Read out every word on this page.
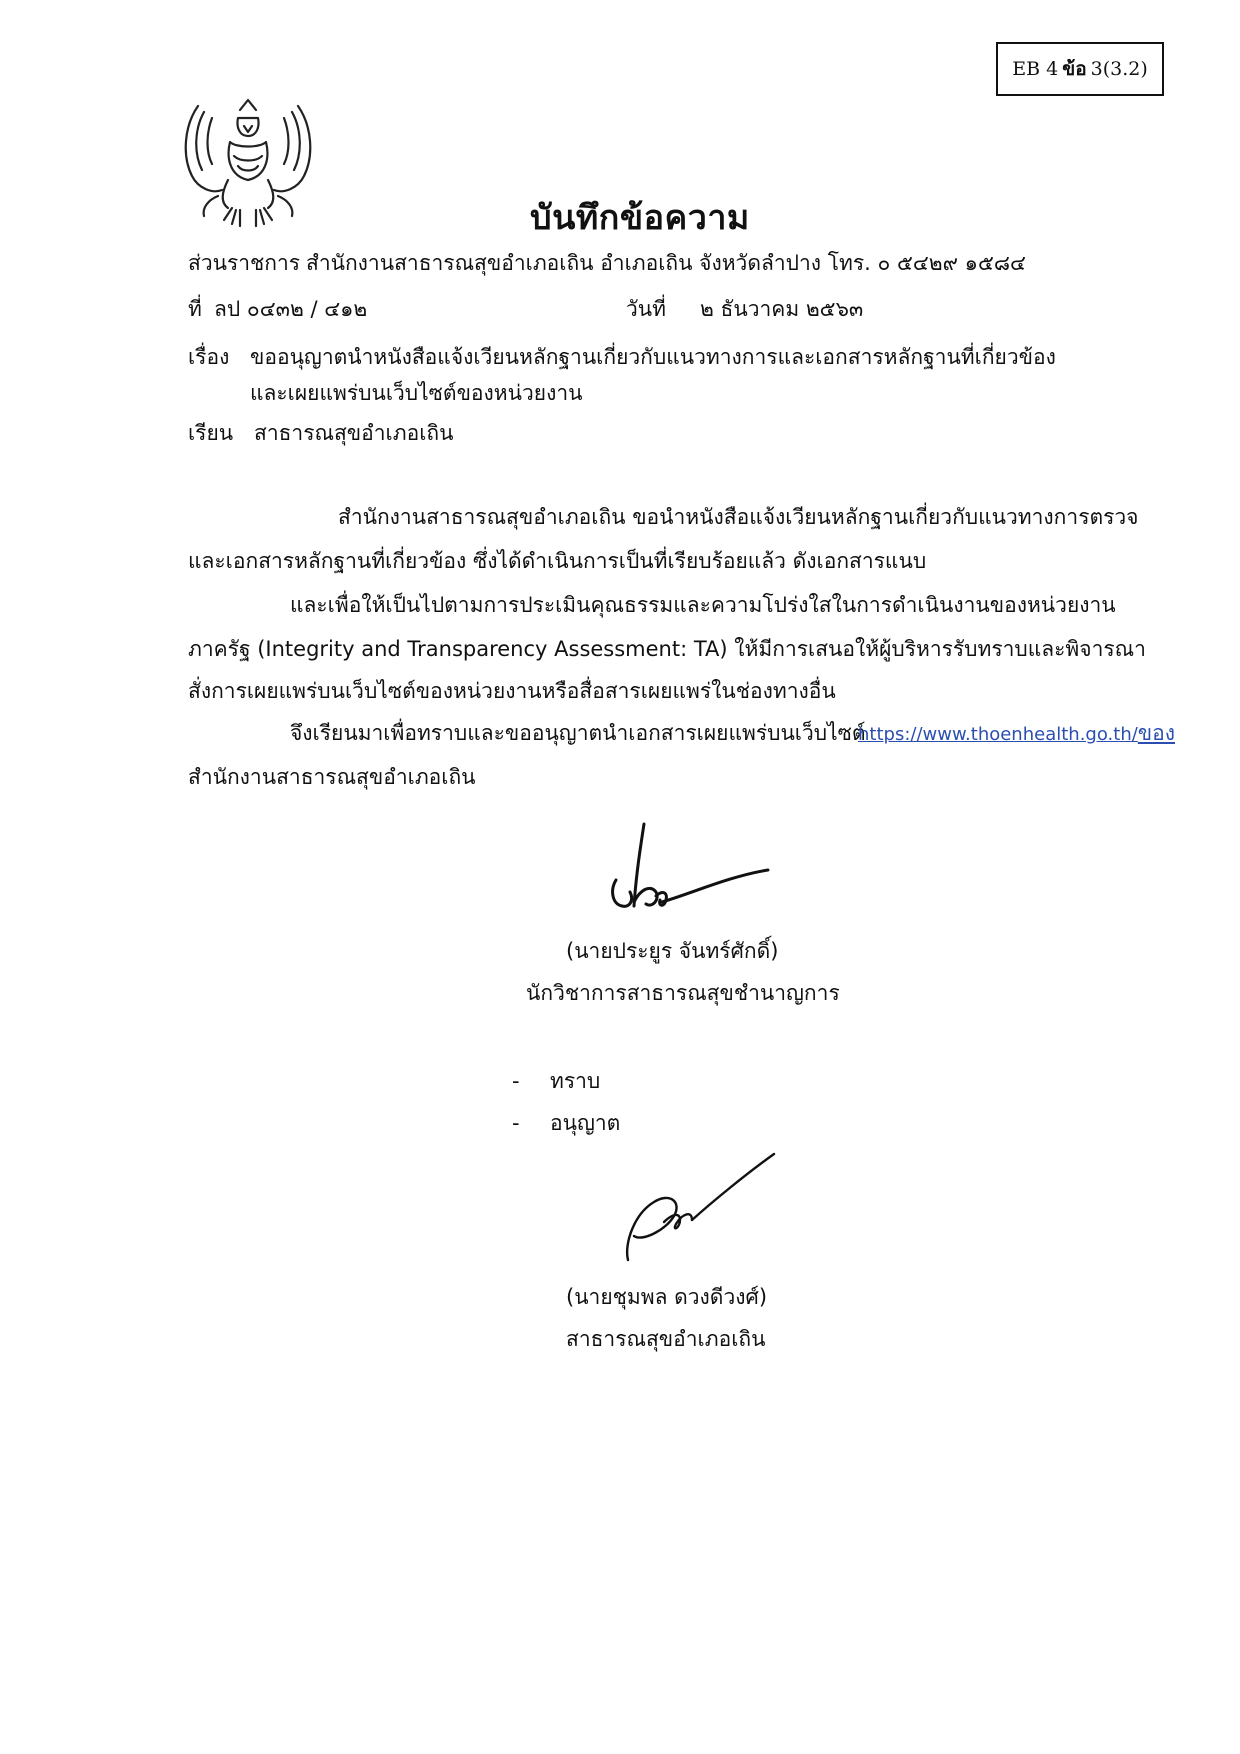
EB 4 ข้อ 3(3.2)
บันทึกข้อความ
ส่วนราชการ สำนักงานสาธารณสุขอำเภอเถิน อำเภอเถิน จังหวัดลำปาง โทร. ๐ ๕๔๒๙ ๑๕๘๔
ที่ ลป ๐๔๓๒ / ๔๑๒	วันที่ ๒ ธันวาคม ๒๕๖๓
เรื่อง ขออนุญาตนำหนังสือแจ้งเวียนหลักฐานเกี่ยวกับแนวทางการและเอกสารหลักฐานที่เกี่ยวข้อง
และเผยแพร่บนเว็บไซต์ของหน่วยงาน
เรียน สาธารณสุขอำเภอเถิน
สำนักงานสาธารณสุขอำเภอเถิน ขอนำหนังสือแจ้งเวียนหลักฐานเกี่ยวกับแนวทางการตรวจ
และเอกสารหลักฐานที่เกี่ยวข้อง ซึ่งได้ดำเนินการเป็นที่เรียบร้อยแล้ว ดังเอกสารแนบ
และเพื่อให้เป็นไปตามการประเมินคุณธรรมและความโปร่งใสในการดำเนินงานของหน่วยงาน
ภาครัฐ (Integrity and Transparency Assessment: TA) ให้มีการเสนอให้ผู้บริหารรับทราบและพิจารณา
สั่งการเผยแพร่บนเว็บไซต์ของหน่วยงานหรือสื่อสารเผยแพร่ในช่องทางอื่น
จึงเรียนมาเพื่อทราบและขออนุญาตนำเอกสารเผยแพร่บนเว็บไซต์
https://www.thoenhealth.go.th/ของ
สำนักงานสาธารณสุขอำเภอเถิน
(นายประยูร จันทร์ศักดิ์)
นักวิชาการสาธารณสุขชำนาญการ
- ทราบ
- อนุญาต
(นายชุมพล ดวงดีวงศ์)
สาธารณสุขอำเภอเถิน
